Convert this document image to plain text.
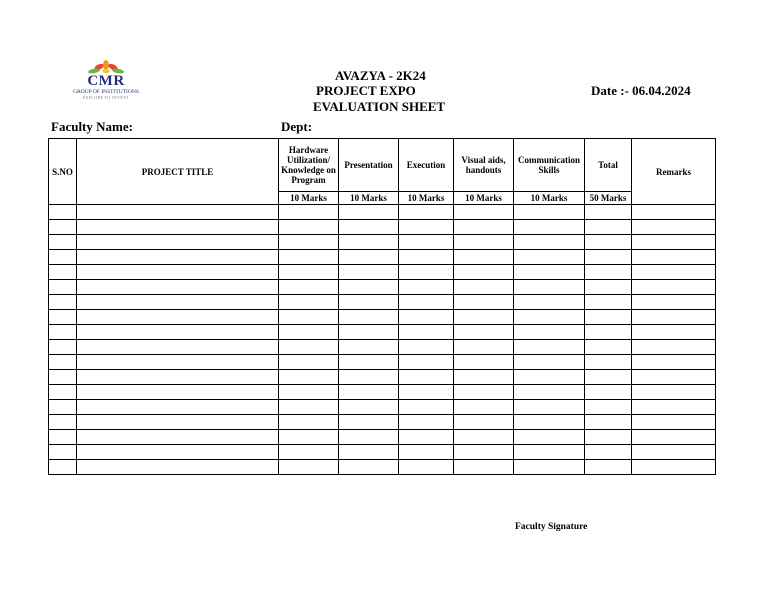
CMR
GROUP OF INSTITUTIONS
EXPLORE TO INVENT
AVAZYA - 2K24
PROJECT EXPO
EVALUATION SHEET
Date :- 06.04.2024
Faculty Name:	Dept:
S.NO	PROJECT TITLE	Hardware Utilization/ Knowledge on Program	Presentation	Execution	Visual aids, handouts	Communication Skills	Total	Remarks
		10 Marks	10 Marks	10 Marks	10 Marks	10 Marks	50 Marks	

Faculty Signature
